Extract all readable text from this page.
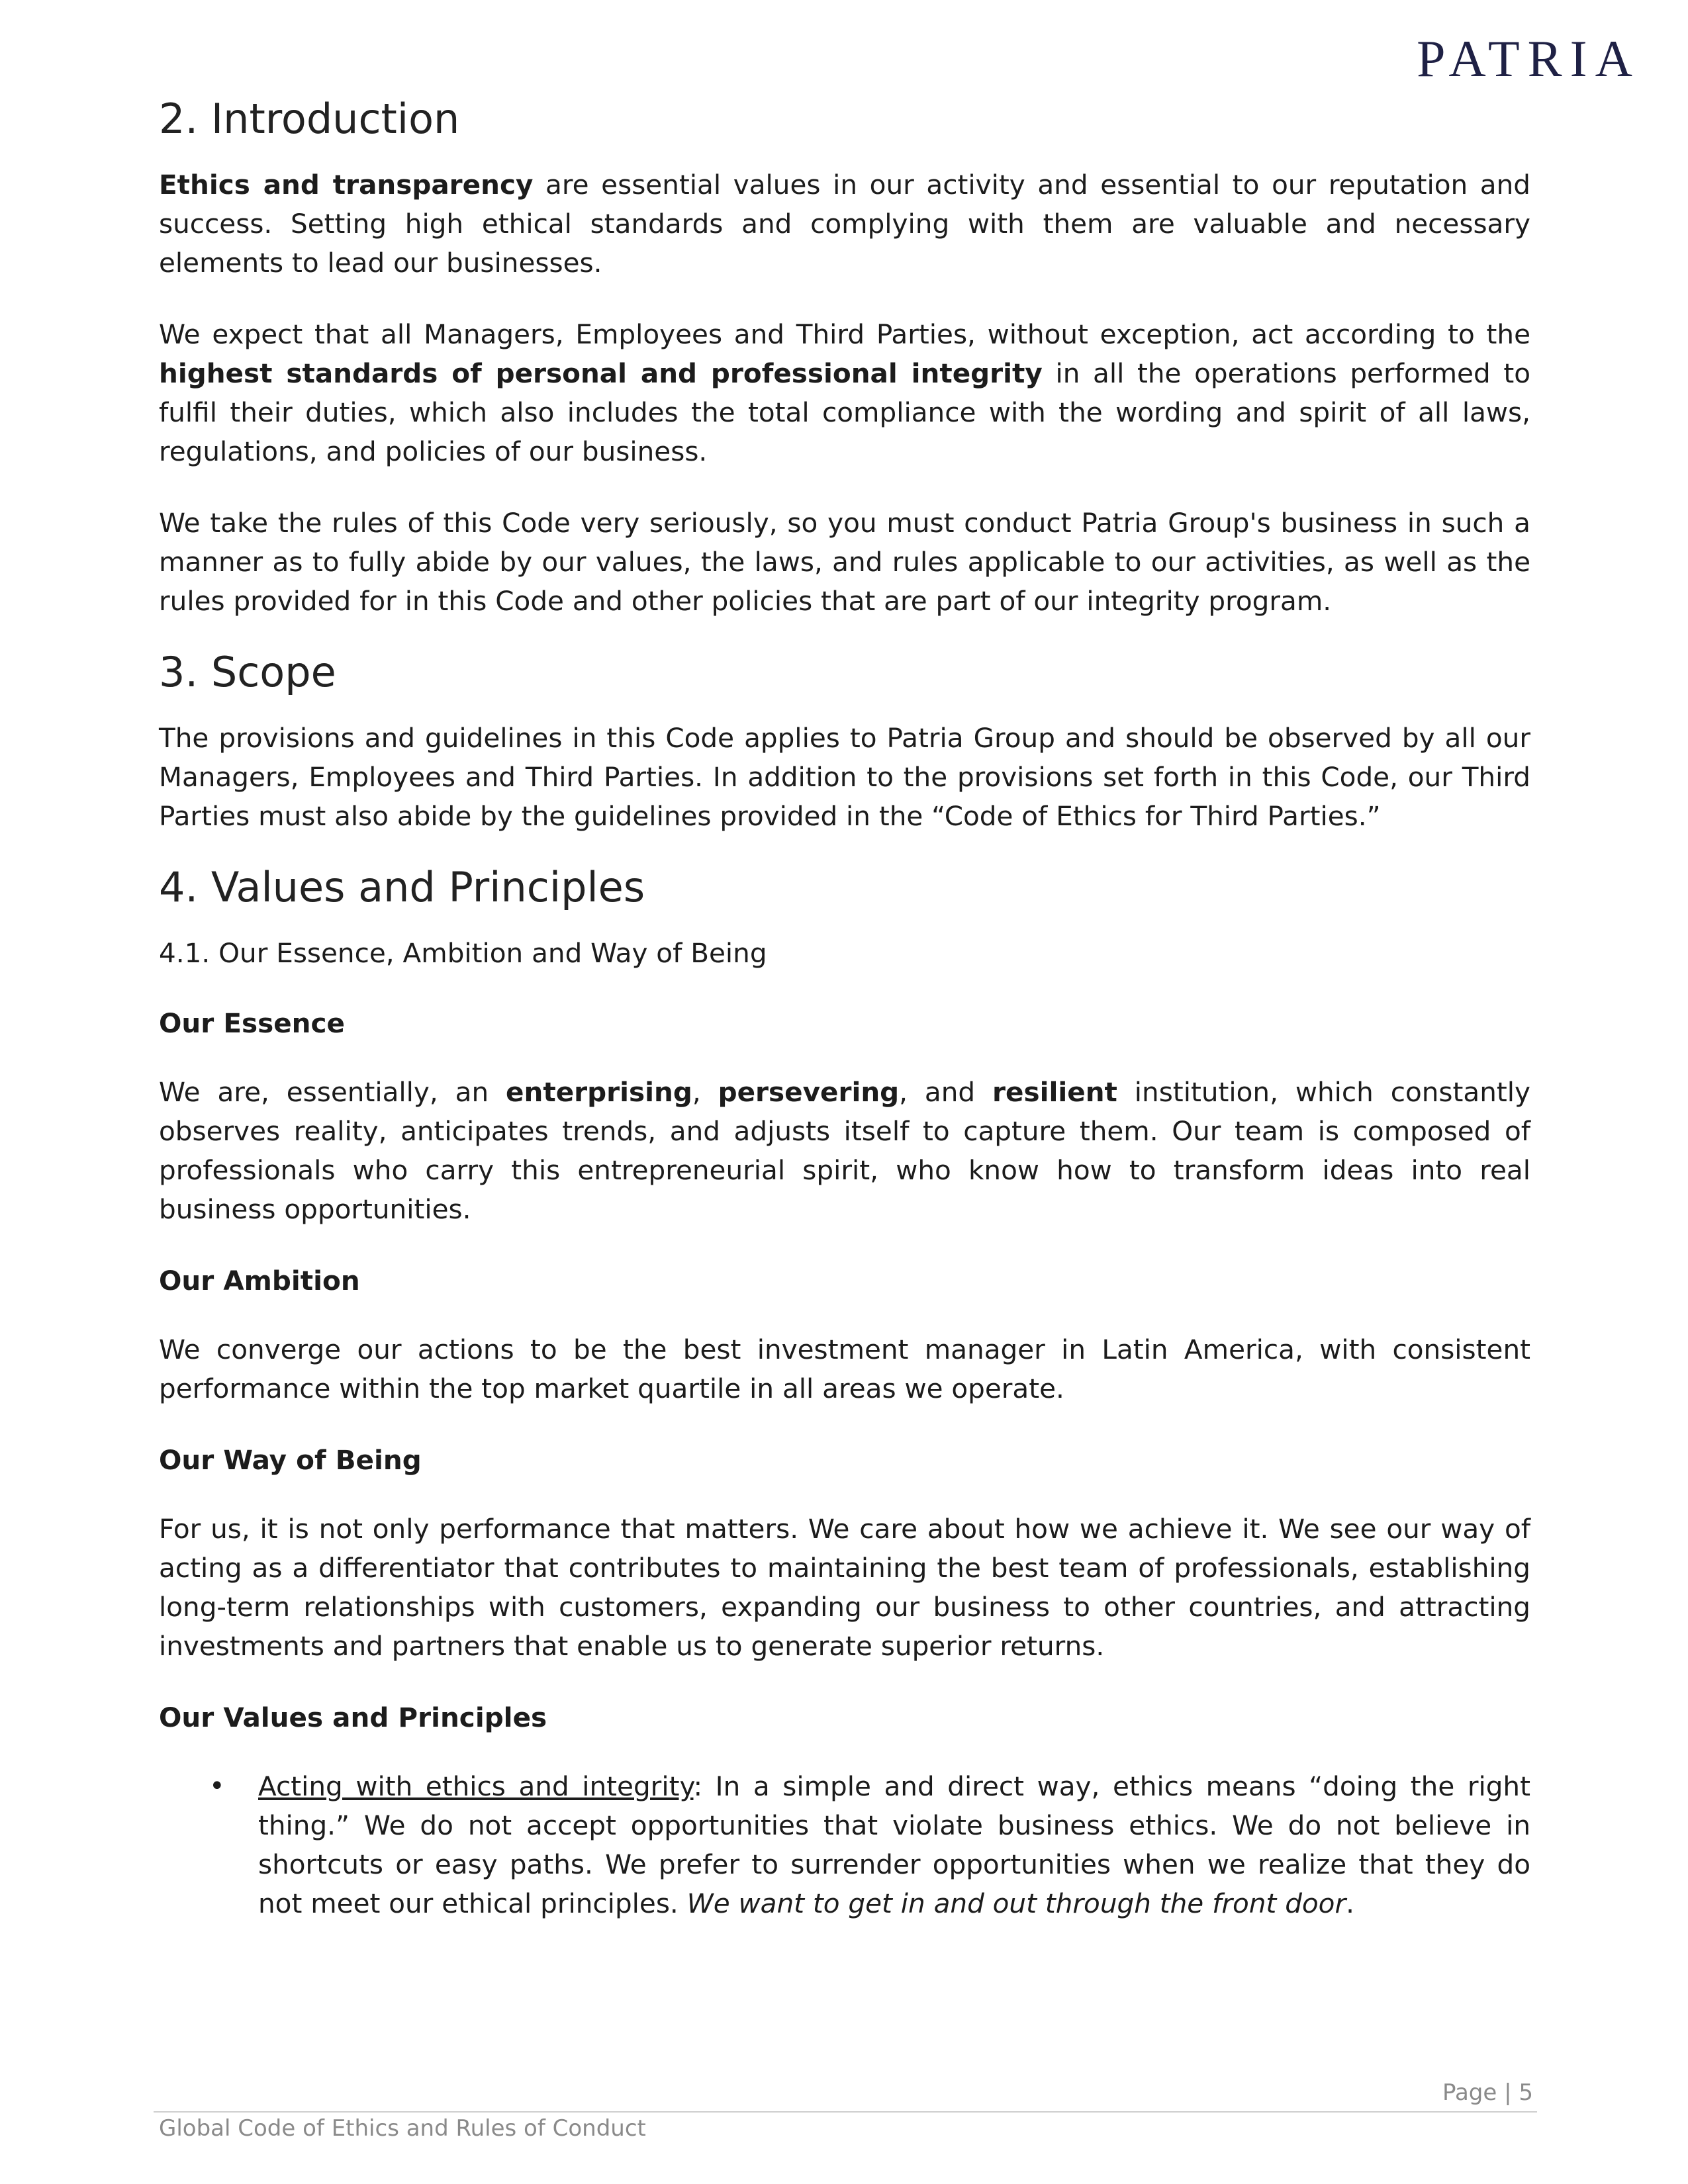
PATRIA
2. Introduction

Ethics and transparency are essential values in our activity and essential to our reputation and success. Setting high ethical standards and complying with them are valuable and necessary elements to lead our businesses.

We expect that all Managers, Employees and Third Parties, without exception, act according to the highest standards of personal and professional integrity in all the operations performed to fulfil their duties, which also includes the total compliance with the wording and spirit of all laws, regulations, and policies of our business.

We take the rules of this Code very seriously, so you must conduct Patria Group's business in such a manner as to fully abide by our values, the laws, and rules applicable to our activities, as well as the rules provided for in this Code and other policies that are part of our integrity program.

3. Scope

The provisions and guidelines in this Code applies to Patria Group and should be observed by all our Managers, Employees and Third Parties. In addition to the provisions set forth in this Code, our Third Parties must also abide by the guidelines provided in the “Code of Ethics for Third Parties.”

4. Values and Principles

4.1. Our Essence, Ambition and Way of Being

Our Essence

We are, essentially, an enterprising, persevering, and resilient institution, which constantly observes reality, anticipates trends, and adjusts itself to capture them. Our team is composed of professionals who carry this entrepreneurial spirit, who know how to transform ideas into real business opportunities.

Our Ambition

We converge our actions to be the best investment manager in Latin America, with consistent performance within the top market quartile in all areas we operate.

Our Way of Being

For us, it is not only performance that matters. We care about how we achieve it. We see our way of acting as a differentiator that contributes to maintaining the best team of professionals, establishing long-term relationships with customers, expanding our business to other countries, and attracting investments and partners that enable us to generate superior returns.

Our Values and Principles

• Acting with ethics and integrity: In a simple and direct way, ethics means “doing the right thing.” We do not accept opportunities that violate business ethics. We do not believe in shortcuts or easy paths. We prefer to surrender opportunities when we realize that they do not meet our ethical principles. We want to get in and out through the front door.
Page | 5
Global Code of Ethics and Rules of Conduct
